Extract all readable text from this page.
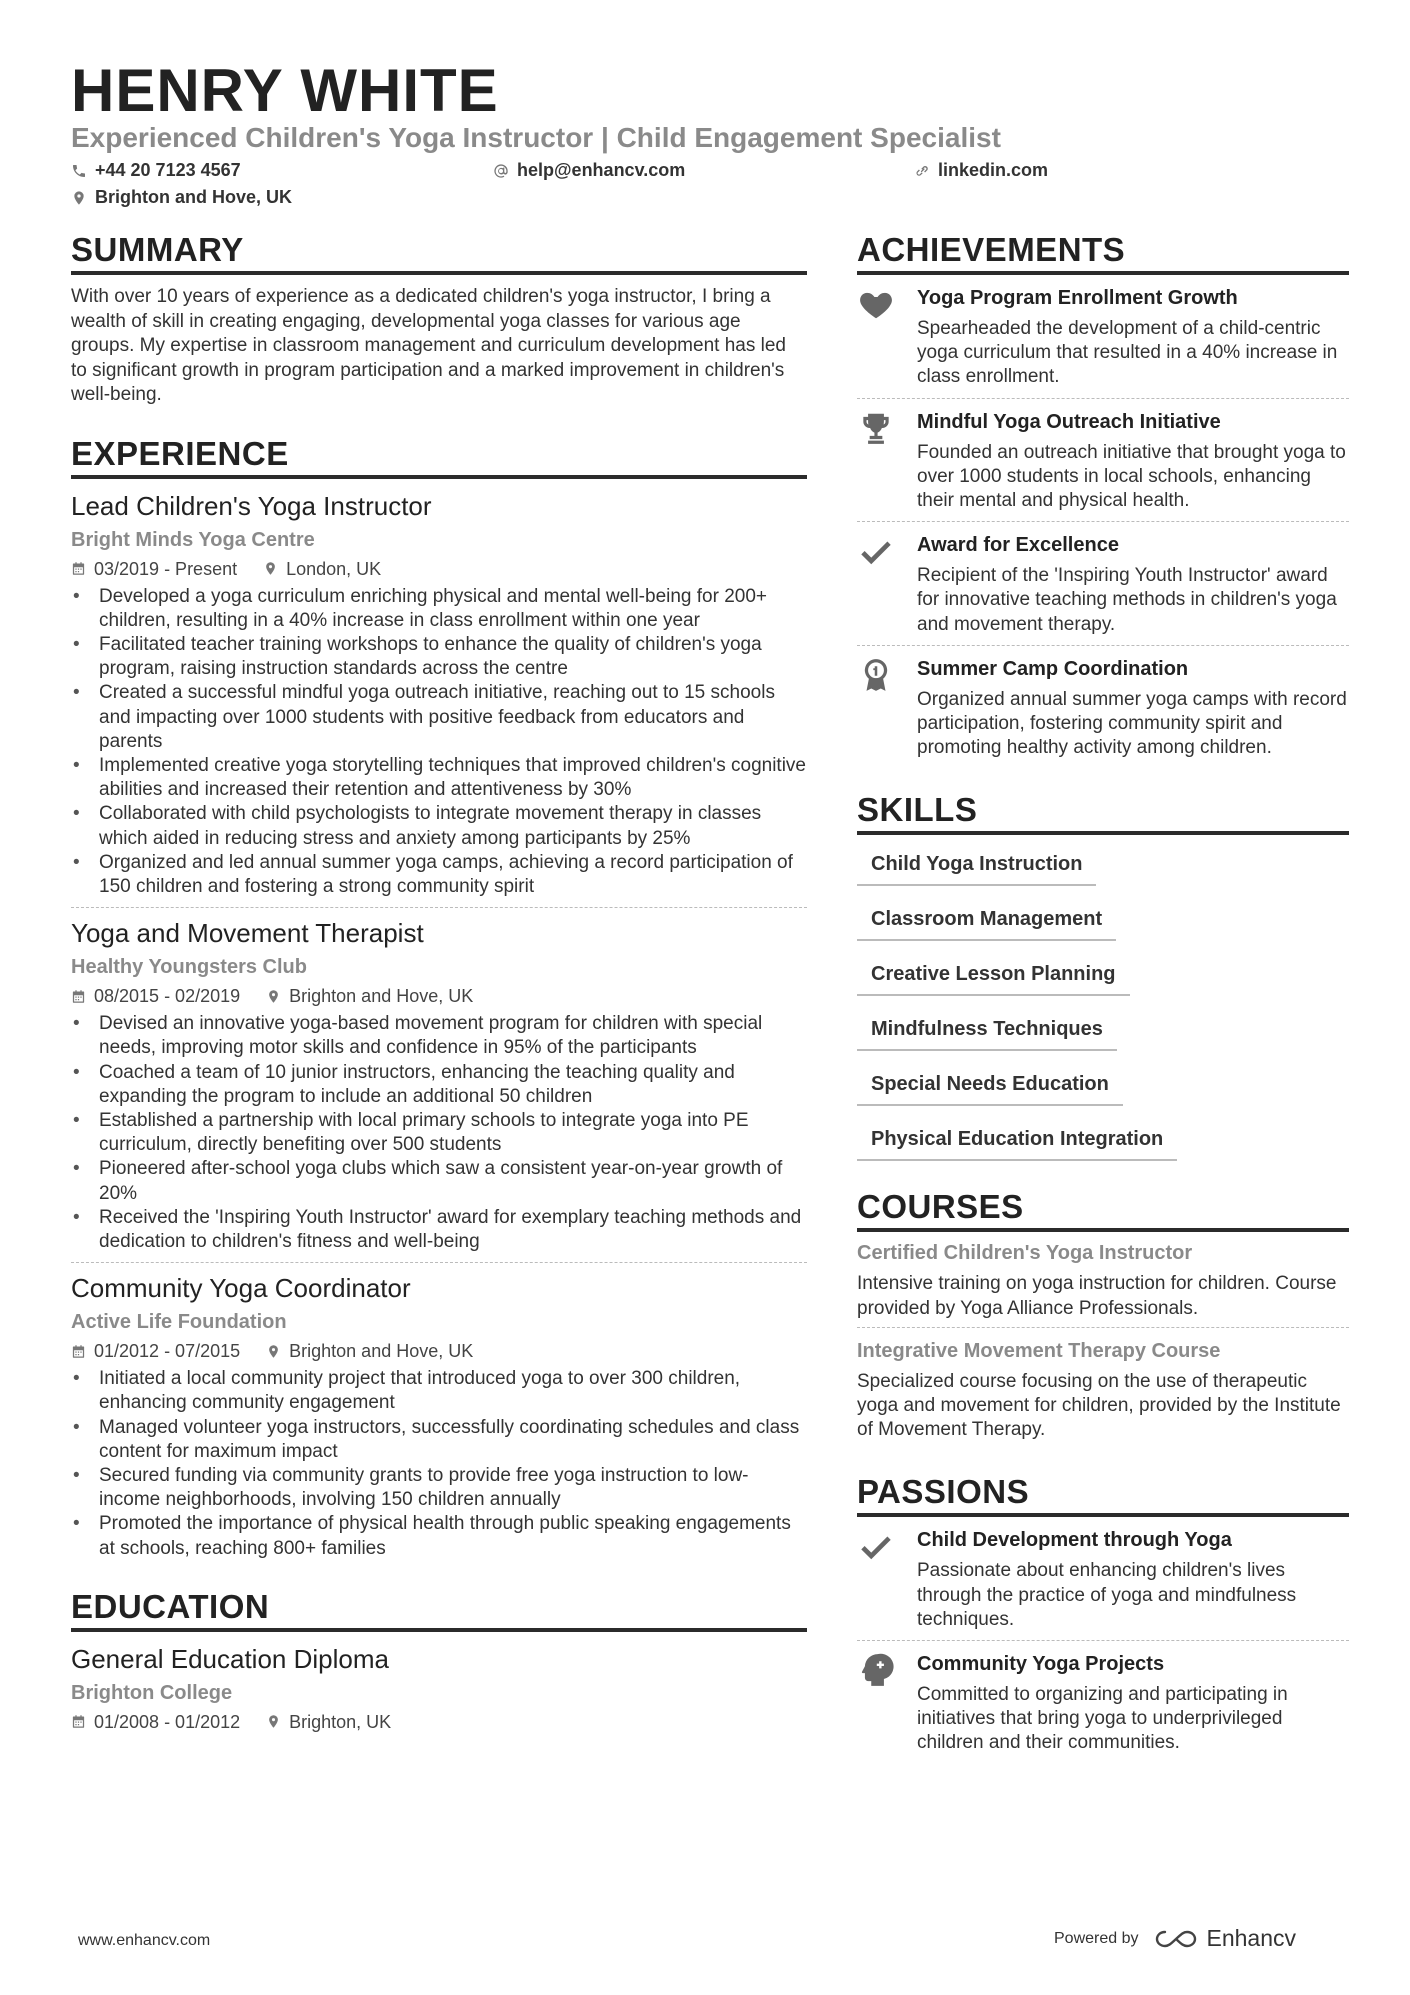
HENRY WHITE
Experienced Children's Yoga Instructor | Child Engagement Specialist
+44 20 7123 4567	help@enhancv.com	linkedin.com
Brighton and Hove, UK
SUMMARY

With over 10 years of experience as a dedicated children's yoga instructor, I bring a wealth of skill in creating engaging, developmental yoga classes for various age groups. My expertise in classroom management and curriculum development has led to significant growth in program participation and a marked improvement in children's well-being.

EXPERIENCE
Lead Children's Yoga Instructor
Bright Minds Yoga Centre
03/2019 - Present	London, UK
• Developed a yoga curriculum enriching physical and mental well-being for 200+ children, resulting in a 40% increase in class enrollment within one year
• Facilitated teacher training workshops to enhance the quality of children's yoga program, raising instruction standards across the centre
• Created a successful mindful yoga outreach initiative, reaching out to 15 schools and impacting over 1000 students with positive feedback from educators and parents
• Implemented creative yoga storytelling techniques that improved children's cognitive abilities and increased their retention and attentiveness by 30%
• Collaborated with child psychologists to integrate movement therapy in classes which aided in reducing stress and anxiety among participants by 25%
• Organized and led annual summer yoga camps, achieving a record participation of 150 children and fostering a strong community spirit
Yoga and Movement Therapist
Healthy Youngsters Club
08/2015 - 02/2019	Brighton and Hove, UK
• Devised an innovative yoga-based movement program for children with special needs, improving motor skills and confidence in 95% of the participants
• Coached a team of 10 junior instructors, enhancing the teaching quality and expanding the program to include an additional 50 children
• Established a partnership with local primary schools to integrate yoga into PE curriculum, directly benefiting over 500 students
• Pioneered after-school yoga clubs which saw a consistent year-on-year growth of 20%
• Received the 'Inspiring Youth Instructor' award for exemplary teaching methods and dedication to children's fitness and well-being
Community Yoga Coordinator
Active Life Foundation
01/2012 - 07/2015	Brighton and Hove, UK
• Initiated a local community project that introduced yoga to over 300 children, enhancing community engagement
• Managed volunteer yoga instructors, successfully coordinating schedules and class content for maximum impact
• Secured funding via community grants to provide free yoga instruction to low-income neighborhoods, involving 150 children annually
• Promoted the importance of physical health through public speaking engagements at schools, reaching 800+ families
EDUCATION
General Education Diploma
Brighton College
01/2008 - 01/2012	Brighton, UK
ACHIEVEMENTS
Yoga Program Enrollment Growth

Spearheaded the development of a child-centric yoga curriculum that resulted in a 40% increase in class enrollment.

Mindful Yoga Outreach Initiative

Founded an outreach initiative that brought yoga to over 1000 students in local schools, enhancing their mental and physical health.

Award for Excellence

Recipient of the 'Inspiring Youth Instructor' award for innovative teaching methods in children's yoga and movement therapy.

Summer Camp Coordination

Organized annual summer yoga camps with record participation, fostering community spirit and promoting healthy activity among children.

SKILLS
Child Yoga Instruction
Classroom Management
Creative Lesson Planning
Mindfulness Techniques
Special Needs Education
Physical Education Integration
COURSES
Certified Children's Yoga Instructor

Intensive training on yoga instruction for children. Course provided by Yoga Alliance Professionals.

Integrative Movement Therapy Course

Specialized course focusing on the use of therapeutic yoga and movement for children, provided by the Institute of Movement Therapy.

PASSIONS
Child Development through Yoga

Passionate about enhancing children's lives through the practice of yoga and mindfulness techniques.

Community Yoga Projects

Committed to organizing and participating in initiatives that bring yoga to underprivileged children and their communities.

www.enhancv.com	Powered by	Enhancv
